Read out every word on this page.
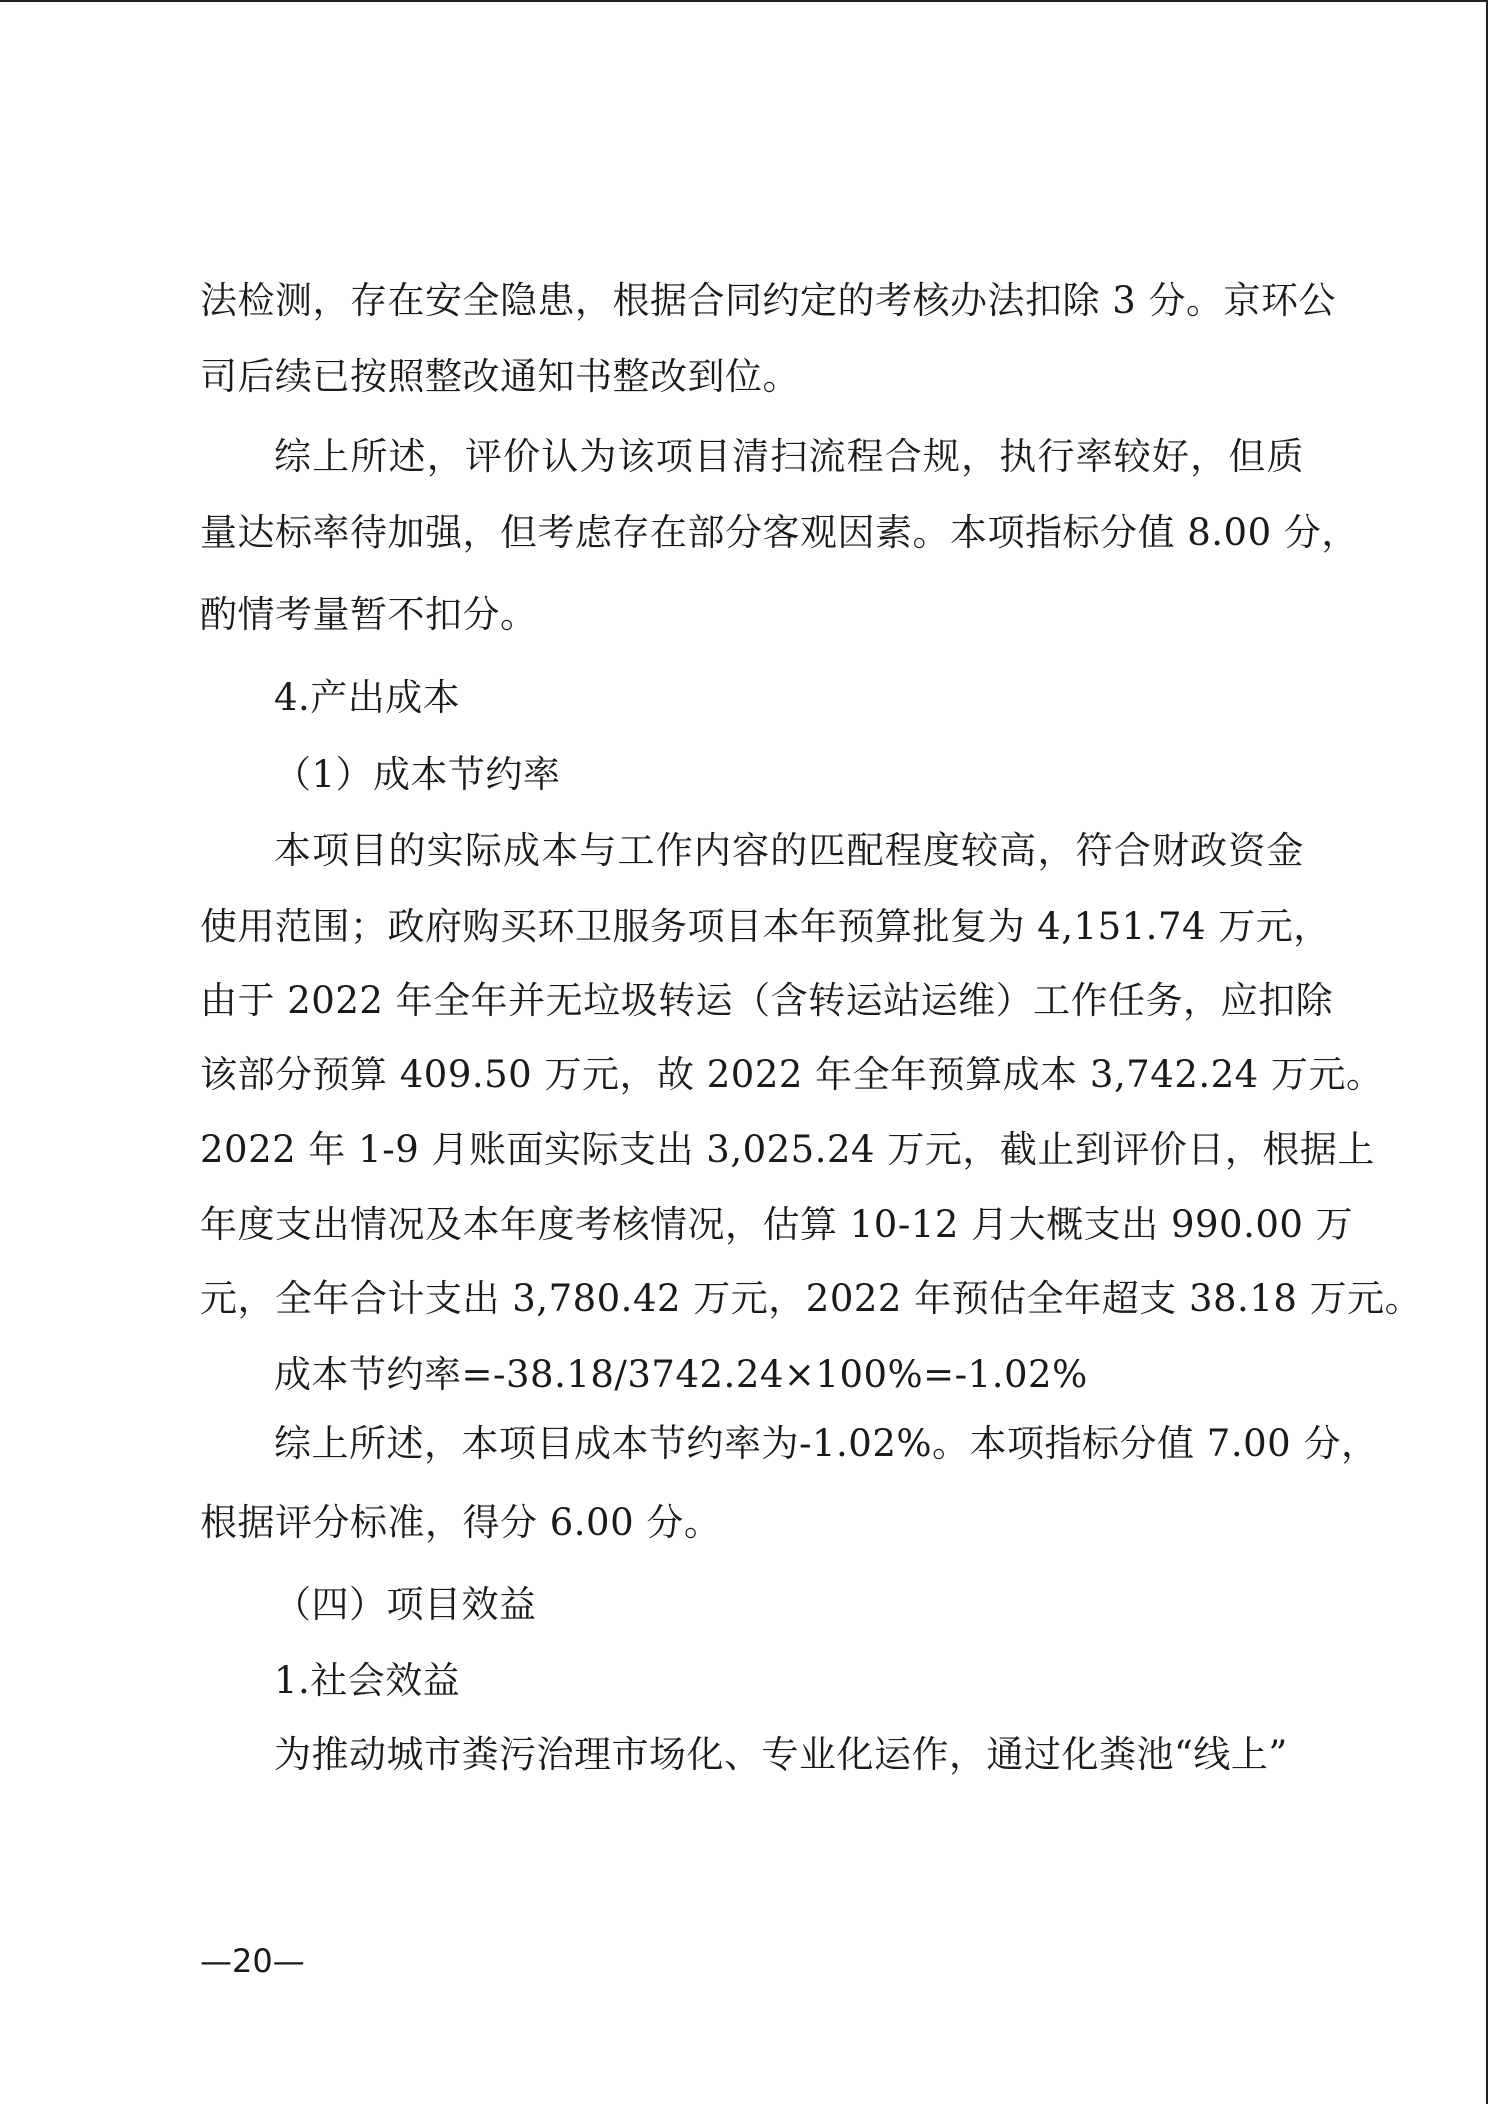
法检测，存在安全隐患，根据合同约定的考核办法扣除 3 分。京环公
司后续已按照整改通知书整改到位。
综上所述，评价认为该项目清扫流程合规，执行率较好，但质
量达标率待加强，但考虑存在部分客观因素。本项指标分值 8.00 分，
酌情考量暂不扣分。
4.产出成本
（1）成本节约率
本项目的实际成本与工作内容的匹配程度较高，符合财政资金
使用范围；政府购买环卫服务项目本年预算批复为 4,151.74 万元，
由于 2022 年全年并无垃圾转运（含转运站运维）工作任务，应扣除
该部分预算 409.50 万元，故 2022 年全年预算成本 3,742.24 万元。
2022 年 1-9 月账面实际支出 3,025.24 万元，截止到评价日，根据上
年度支出情况及本年度考核情况，估算 10-12 月大概支出 990.00 万
元，全年合计支出 3,780.42 万元，2022 年预估全年超支 38.18 万元。
成本节约率=-38.18/3742.24×100%=-1.02%
综上所述，本项目成本节约率为-1.02%。本项指标分值 7.00 分，
根据评分标准，得分 6.00 分。
（四）项目效益
1.社会效益
为推动城市粪污治理市场化、专业化运作，通过化粪池“线上”
—20—
